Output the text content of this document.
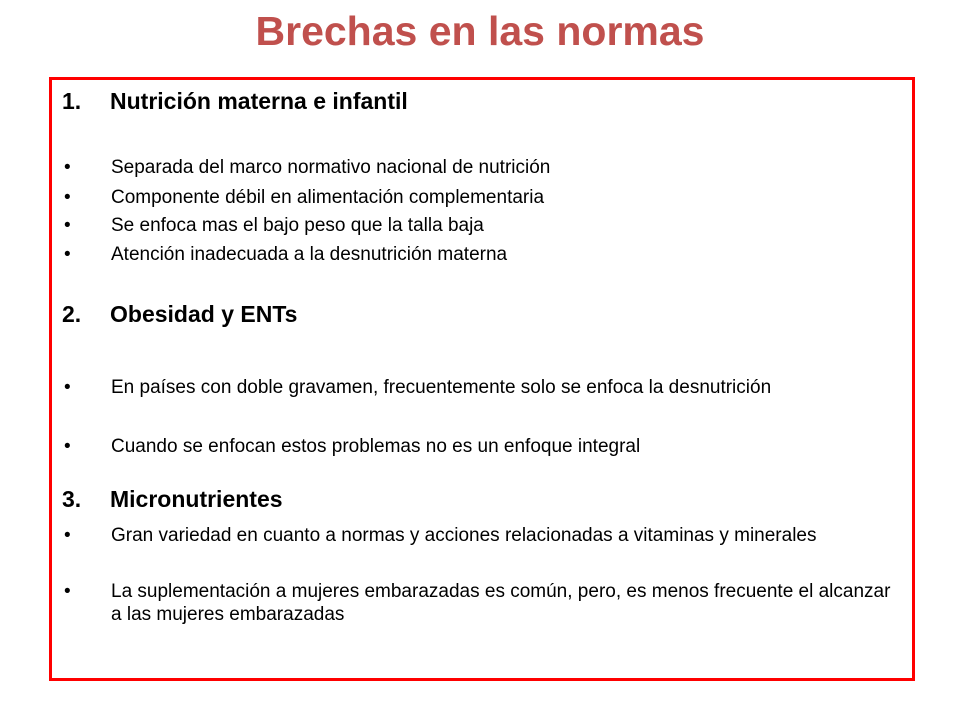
Brechas en las normas
1. Nutrición materna e infantil
•	Separada del marco normativo nacional de nutrición
•	Componente débil en alimentación complementaria
•	Se enfoca mas el bajo peso que la talla baja
•	Atención inadecuada a la desnutrición materna
2. Obesidad y ENTs
•	En países con doble gravamen, frecuentemente solo se enfoca la desnutrición
•	Cuando se enfocan estos problemas no es un enfoque integral
3. Micronutrientes
•	Gran variedad en cuanto a normas y acciones relacionadas a vitaminas y minerales
•	La suplementación a mujeres embarazadas es común, pero, es menos frecuente el alcanzar a las mujeres embarazadas
